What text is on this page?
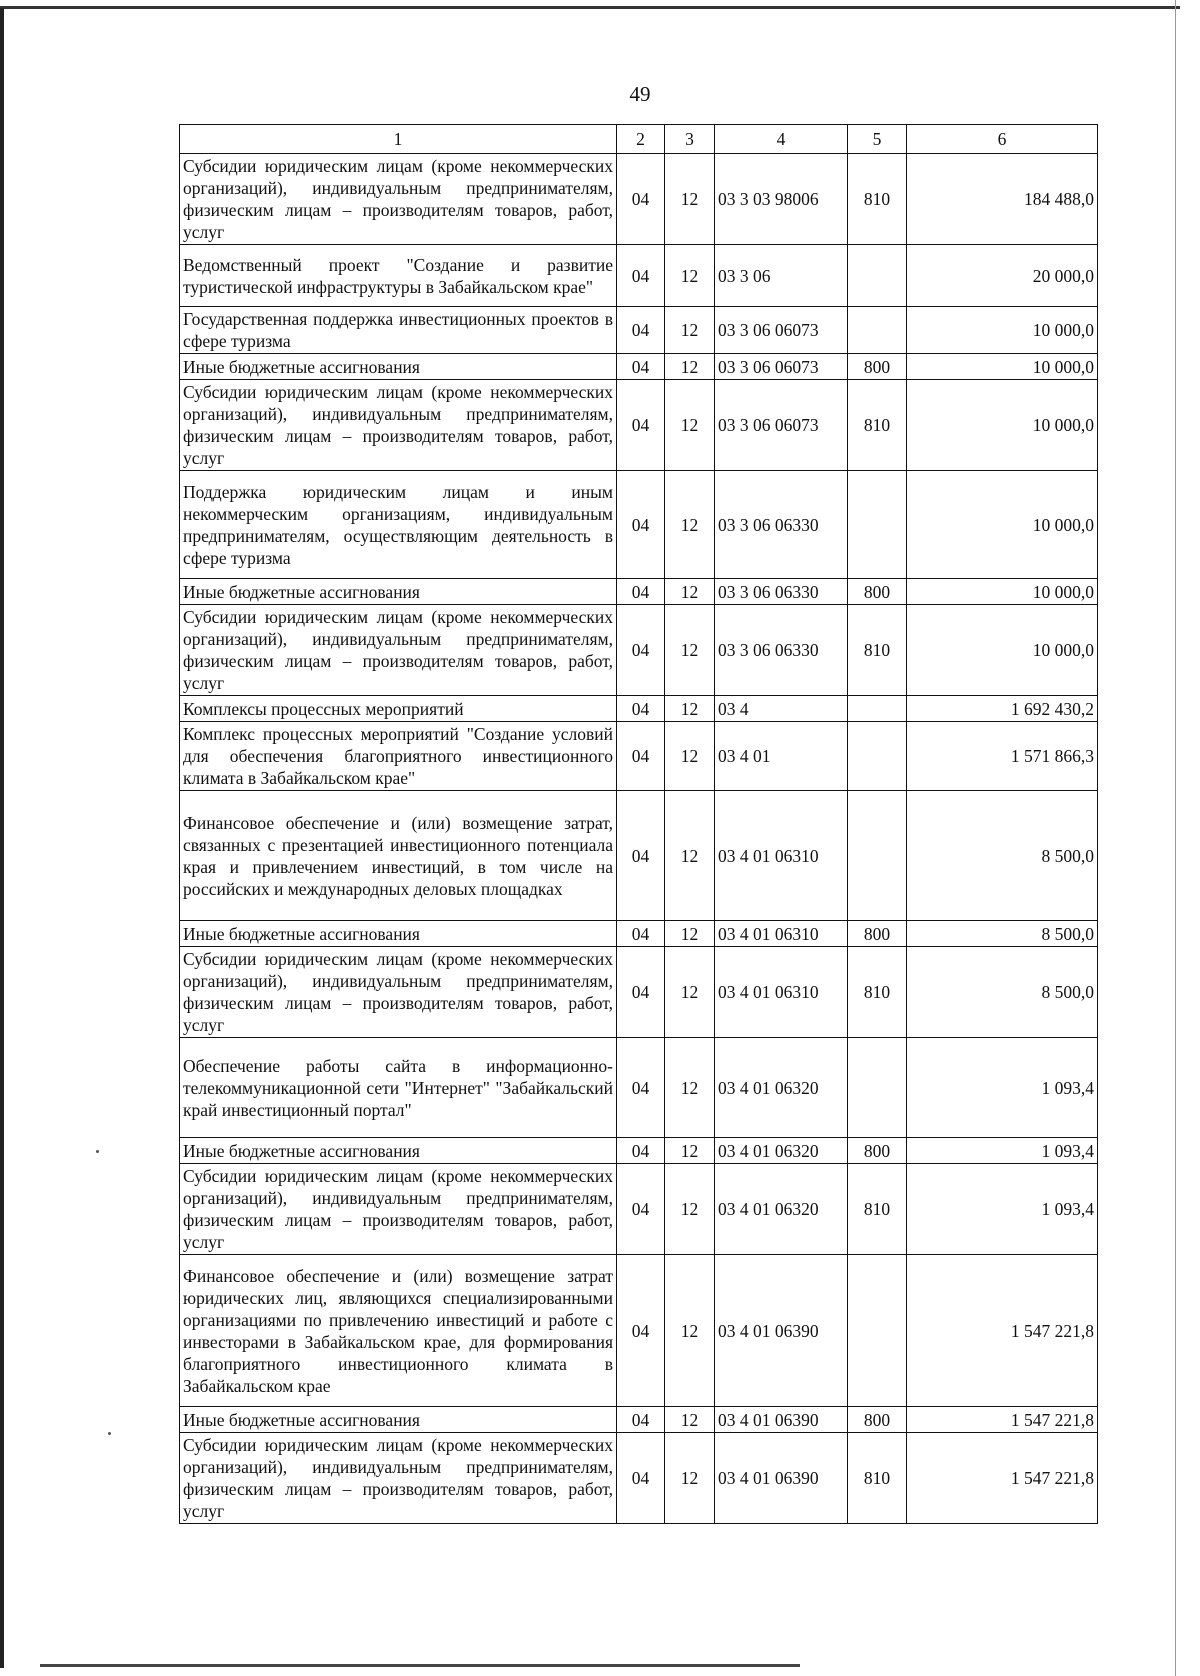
49
1	2	3	4	5	6
Субсидии юридическим лицам (кроме некоммерческих организаций), индивидуальным предпринимателям, физическим лицам – производителям товаров, работ, услуг	04	12	03 3 03 98006	810	184 488,0
Ведомственный проект "Создание и развитие туристической инфраструктуры в Забайкальском крае"	04	12	03 3 06		20 000,0
Государственная поддержка инвестиционных проектов в сфере туризма	04	12	03 3 06 06073		10 000,0
Иные бюджетные ассигнования	04	12	03 3 06 06073	800	10 000,0
Субсидии юридическим лицам (кроме некоммерческих организаций), индивидуальным предпринимателям, физическим лицам – производителям товаров, работ, услуг	04	12	03 3 06 06073	810	10 000,0
Поддержка юридическим лицам и иным некоммерческим организациям, индивидуальным предпринимателям, осуществляющим деятельность в сфере туризма	04	12	03 3 06 06330		10 000,0
Иные бюджетные ассигнования	04	12	03 3 06 06330	800	10 000,0
Субсидии юридическим лицам (кроме некоммерческих организаций), индивидуальным предпринимателям, физическим лицам – производителям товаров, работ, услуг	04	12	03 3 06 06330	810	10 000,0
Комплексы процессных мероприятий	04	12	03 4		1 692 430,2
Комплекс процессных мероприятий "Создание условий для обеспечения благоприятного инвестиционного климата в Забайкальском крае"	04	12	03 4 01		1 571 866,3
Финансовое обеспечение и (или) возмещение затрат, связанных с презентацией инвестиционного потенциала края и привлечением инвестиций, в том числе на российских и международных деловых площадках	04	12	03 4 01 06310		8 500,0
Иные бюджетные ассигнования	04	12	03 4 01 06310	800	8 500,0
Субсидии юридическим лицам (кроме некоммерческих организаций), индивидуальным предпринимателям, физическим лицам – производителям товаров, работ, услуг	04	12	03 4 01 06310	810	8 500,0
Обеспечение работы сайта в информационно-телекоммуникационной сети "Интернет" "Забайкальский край инвестиционный портал"	04	12	03 4 01 06320		1 093,4
Иные бюджетные ассигнования	04	12	03 4 01 06320	800	1 093,4
Субсидии юридическим лицам (кроме некоммерческих организаций), индивидуальным предпринимателям, физическим лицам – производителям товаров, работ, услуг	04	12	03 4 01 06320	810	1 093,4
Финансовое обеспечение и (или) возмещение затрат юридических лиц, являющихся специализированными организациями по привлечению инвестиций и работе с инвесторами в Забайкальском крае, для формирования благоприятного инвестиционного климата в Забайкальском крае	04	12	03 4 01 06390		1 547 221,8
Иные бюджетные ассигнования	04	12	03 4 01 06390	800	1 547 221,8
Субсидии юридическим лицам (кроме некоммерческих организаций), индивидуальным предпринимателям, физическим лицам – производителям товаров, работ, услуг	04	12	03 4 01 06390	810	1 547 221,8
